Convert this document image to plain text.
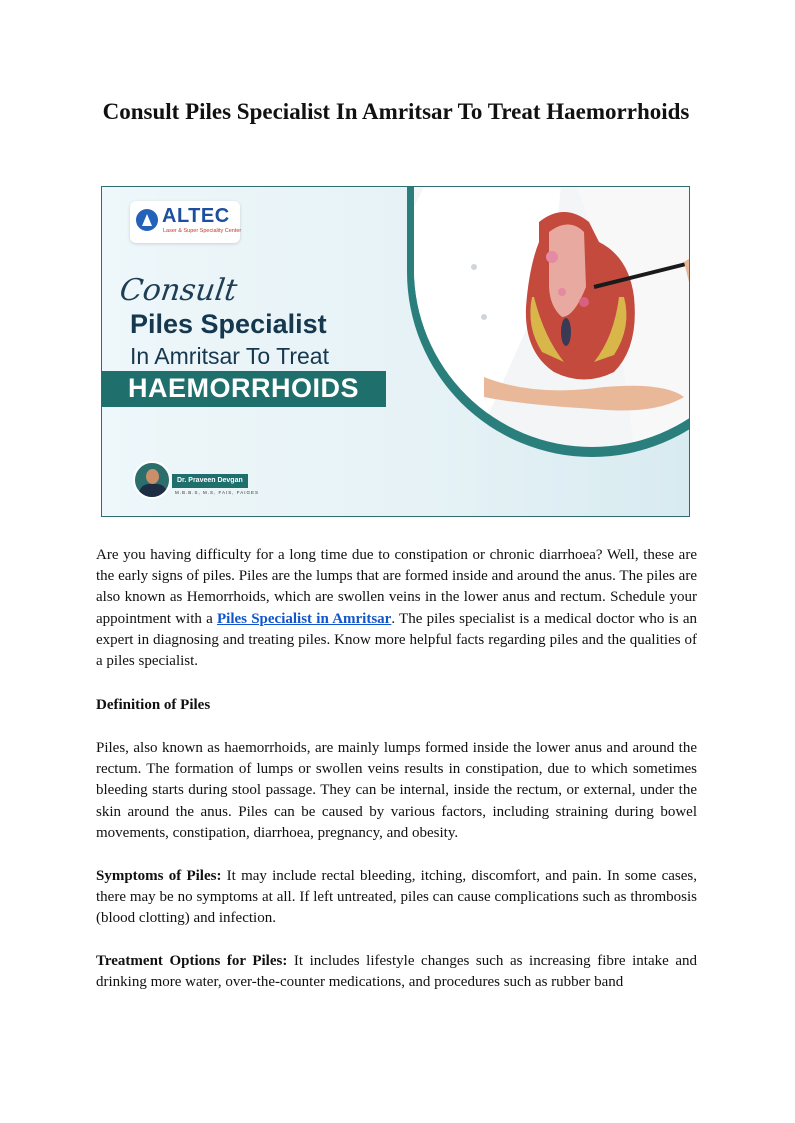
Consult Piles Specialist In Amritsar To Treat Haemorrhoids
ALTEC
Laser & Super Speciality Center
Consult
Piles Specialist
In Amritsar To Treat
HAEMORRHOIDS
Dr. Praveen Devgan
M.B.B.S, M.S, FAIS, FAIGES

Are you having difficulty for a long time due to constipation or chronic diarrhoea? Well, these are the early signs of piles. Piles are the lumps that are formed inside and around the anus. The piles are also known as Hemorrhoids, which are swollen veins in the lower anus and rectum. Schedule your appointment with a Piles Specialist in Amritsar. The piles specialist is a medical doctor who is an expert in diagnosing and treating piles. Know more helpful facts regarding piles and the qualities of a piles specialist.

Definition of Piles

Piles, also known as haemorrhoids, are mainly lumps formed inside the lower anus and around the rectum. The formation of lumps or swollen veins results in constipation, due to which sometimes bleeding starts during stool passage. They can be internal, inside the rectum, or external, under the skin around the anus. Piles can be caused by various factors, including straining during bowel movements, constipation, diarrhoea, pregnancy, and obesity.

Symptoms of Piles: It may include rectal bleeding, itching, discomfort, and pain. In some cases, there may be no symptoms at all. If left untreated, piles can cause complications such as thrombosis (blood clotting) and infection.

Treatment Options for Piles: It includes lifestyle changes such as increasing fibre intake and drinking more water, over-the-counter medications, and procedures such as rubber band
